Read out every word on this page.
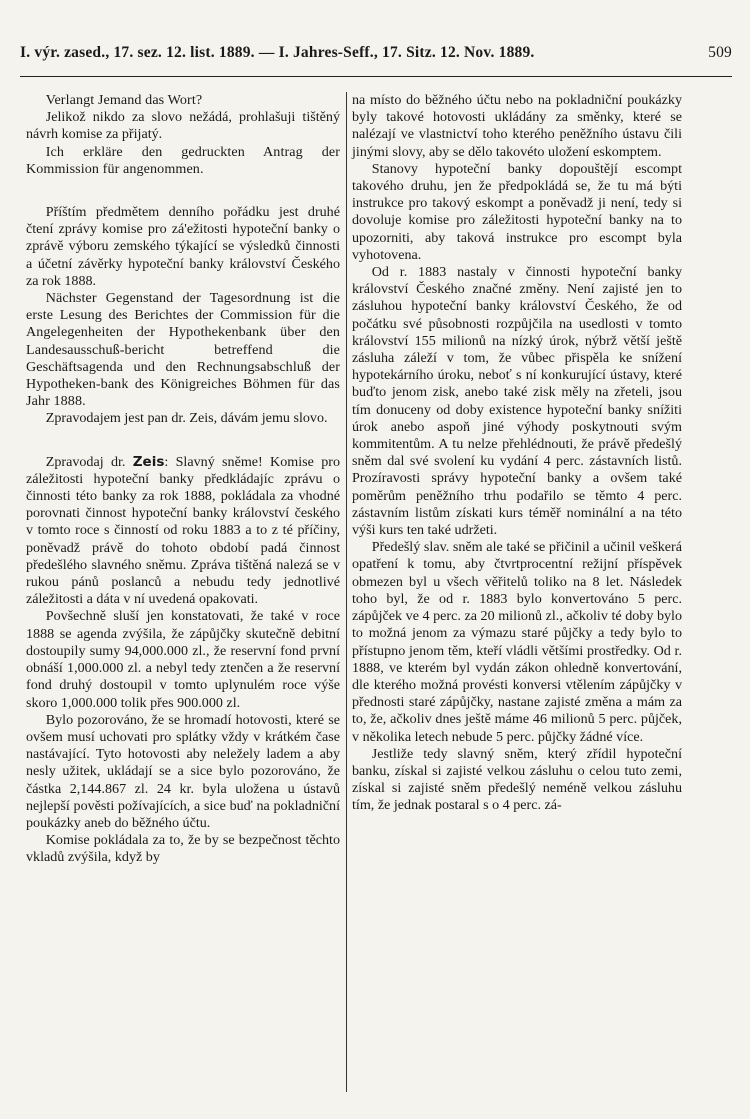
I. výr. zased., 17. sez. 12. list. 1889. — I. Jahres-Seff., 17. Sitz. 12. Nov. 1889.	509

Verlangt Jemand das Wort?

Jelikož nikdo za slovo nežádá, prohlašuji tištěný návrh komise za přijatý.

Ich erkläre den gedruckten Antrag der Kommission für angenommen.

Příštím předmětem denního pořádku jest druhé čtení zprávy komise pro zá'ežitosti hypoteční banky o zprávě výboru zemského týkající se výsledků činnosti a účetní závěrky hypoteční banky království Českého za rok 1888.

Nächster Gegenstand der Tagesordnung ist die erste Lesung des Berichtes der Commission für die Angelegenheiten der Hypothekenbank über den Landesausschuß-bericht betreffend die Geschäftsagenda und den Rechnungsabschluß der Hypotheken-bank des Königreiches Böhmen für das Jahr 1888.

Zpravodajem jest pan dr. Zeis, dávám jemu slovo.

Zpravodaj dr. Zeis: Slavný sněme! Komise pro záležitosti hypoteční banky předkládajíc zprávu o činnosti této banky za rok 1888, pokládala za vhodné porovnati činnost hypoteční banky království českého v tomto roce s činností od roku 1883 a to z té příčiny, poněvadž právě do tohoto období padá činnost předešlého slavného sněmu. Zpráva tištěná nalezá se v rukou pánů poslanců a nebudu tedy jednotlivé záležitosti a dáta v ní uvedená opakovati.

Povšechně sluší jen konstatovati, že také v roce 1888 se agenda zvýšila, že zápůjčky skutečně debitní dostoupily sumy 94,000.000 zl., že reservní fond první obnáší 1,000.000 zl. a nebyl tedy ztenčen a že reservní fond druhý dostoupil v tomto uplynulém roce výše skoro 1,000.000 tolik přes 900.000 zl.

Bylo pozorováno, že se hromadí hotovosti, které se ovšem musí uchovati pro splátky vždy v krátkém čase nastávající. Tyto hotovosti aby neležely ladem a aby nesly užitek, ukládají se a sice bylo pozorováno, že částka 2,144.867 zl. 24 kr. byla uložena u ústavů nejlepší pověsti požívajících, a sice buď na pokladniční poukázky aneb do běžného účtu.

Komise pokládala za to, že by se bezpečnost těchto vkladů zvýšila, když by

na místo do běžného účtu nebo na pokladniční poukázky byly takové hotovosti ukládány za směnky, které se nalézají ve vlastnictví toho kterého peněžního ústavu čili jinými slovy, aby se dělo takovéto uložení eskomptem.

Stanovy hypoteční banky dopouštějí escompt takového druhu, jen že předpokládá se, že tu má býti instrukce pro takový eskompt a poněvadž ji není, tedy si dovoluje komise pro záležitosti hypoteční banky na to upozorniti, aby taková instrukce pro escompt byla vyhotovena.

Od r. 1883 nastaly v činnosti hypoteční banky království Českého značné změny. Není zajisté jen to zásluhou hypoteční banky království Českého, že od počátku své působnosti rozpůjčila na usedlosti v tomto království 155 milionů na nízký úrok, nýbrž větší ještě zásluha záleží v tom, že vůbec přispěla ke snížení hypotekárního úroku, neboť s ní konkurující ústavy, které buďto jenom zisk, anebo také zisk měly na zřeteli, jsou tím donuceny od doby existence hypoteční banky snížiti úrok anebo aspoň jiné výhody poskytnouti svým kommitentům. A tu nelze přehlédnouti, že právě předešlý sněm dal své svolení ku vydání 4 perc. zástavních listů. Prozíravosti správy hypoteční banky a ovšem také poměrům peněžního trhu podařilo se těmto 4 perc. zástavním listům získati kurs téměř nominální a na této výši kurs ten také udržeti.

Předešlý slav. sněm ale také se přičinil a učinil veškerá opatření k tomu, aby čtvrtprocentní režijní příspěvek obmezen byl u všech věřitelů toliko na 8 let. Následek toho byl, že od r. 1883 bylo konvertováno 5 perc. zápůjček ve 4 perc. za 20 milionů zl., ačkoliv té doby bylo to možná jenom za výmazu staré půjčky a tedy bylo to přístupno jenom těm, kteří vládli většími prostředky. Od r. 1888, ve kterém byl vydán zákon ohledně konvertování, dle kterého možná provésti konversi vtělením zápůjčky v přednosti staré zápůjčky, nastane zajisté změna a mám za to, že, ačkoliv dnes ještě máme 46 milionů 5 perc. půjček, v několika letech nebude 5 perc. půjčky žádné více.

Jestliže tedy slavný sněm, který zřídil hypoteční banku, získal si zajisté velkou zásluhu o celou tuto zemi, získal si zajisté sněm předešlý neméně velkou zásluhu tím, že jednak postaral s o 4 perc. zá-
